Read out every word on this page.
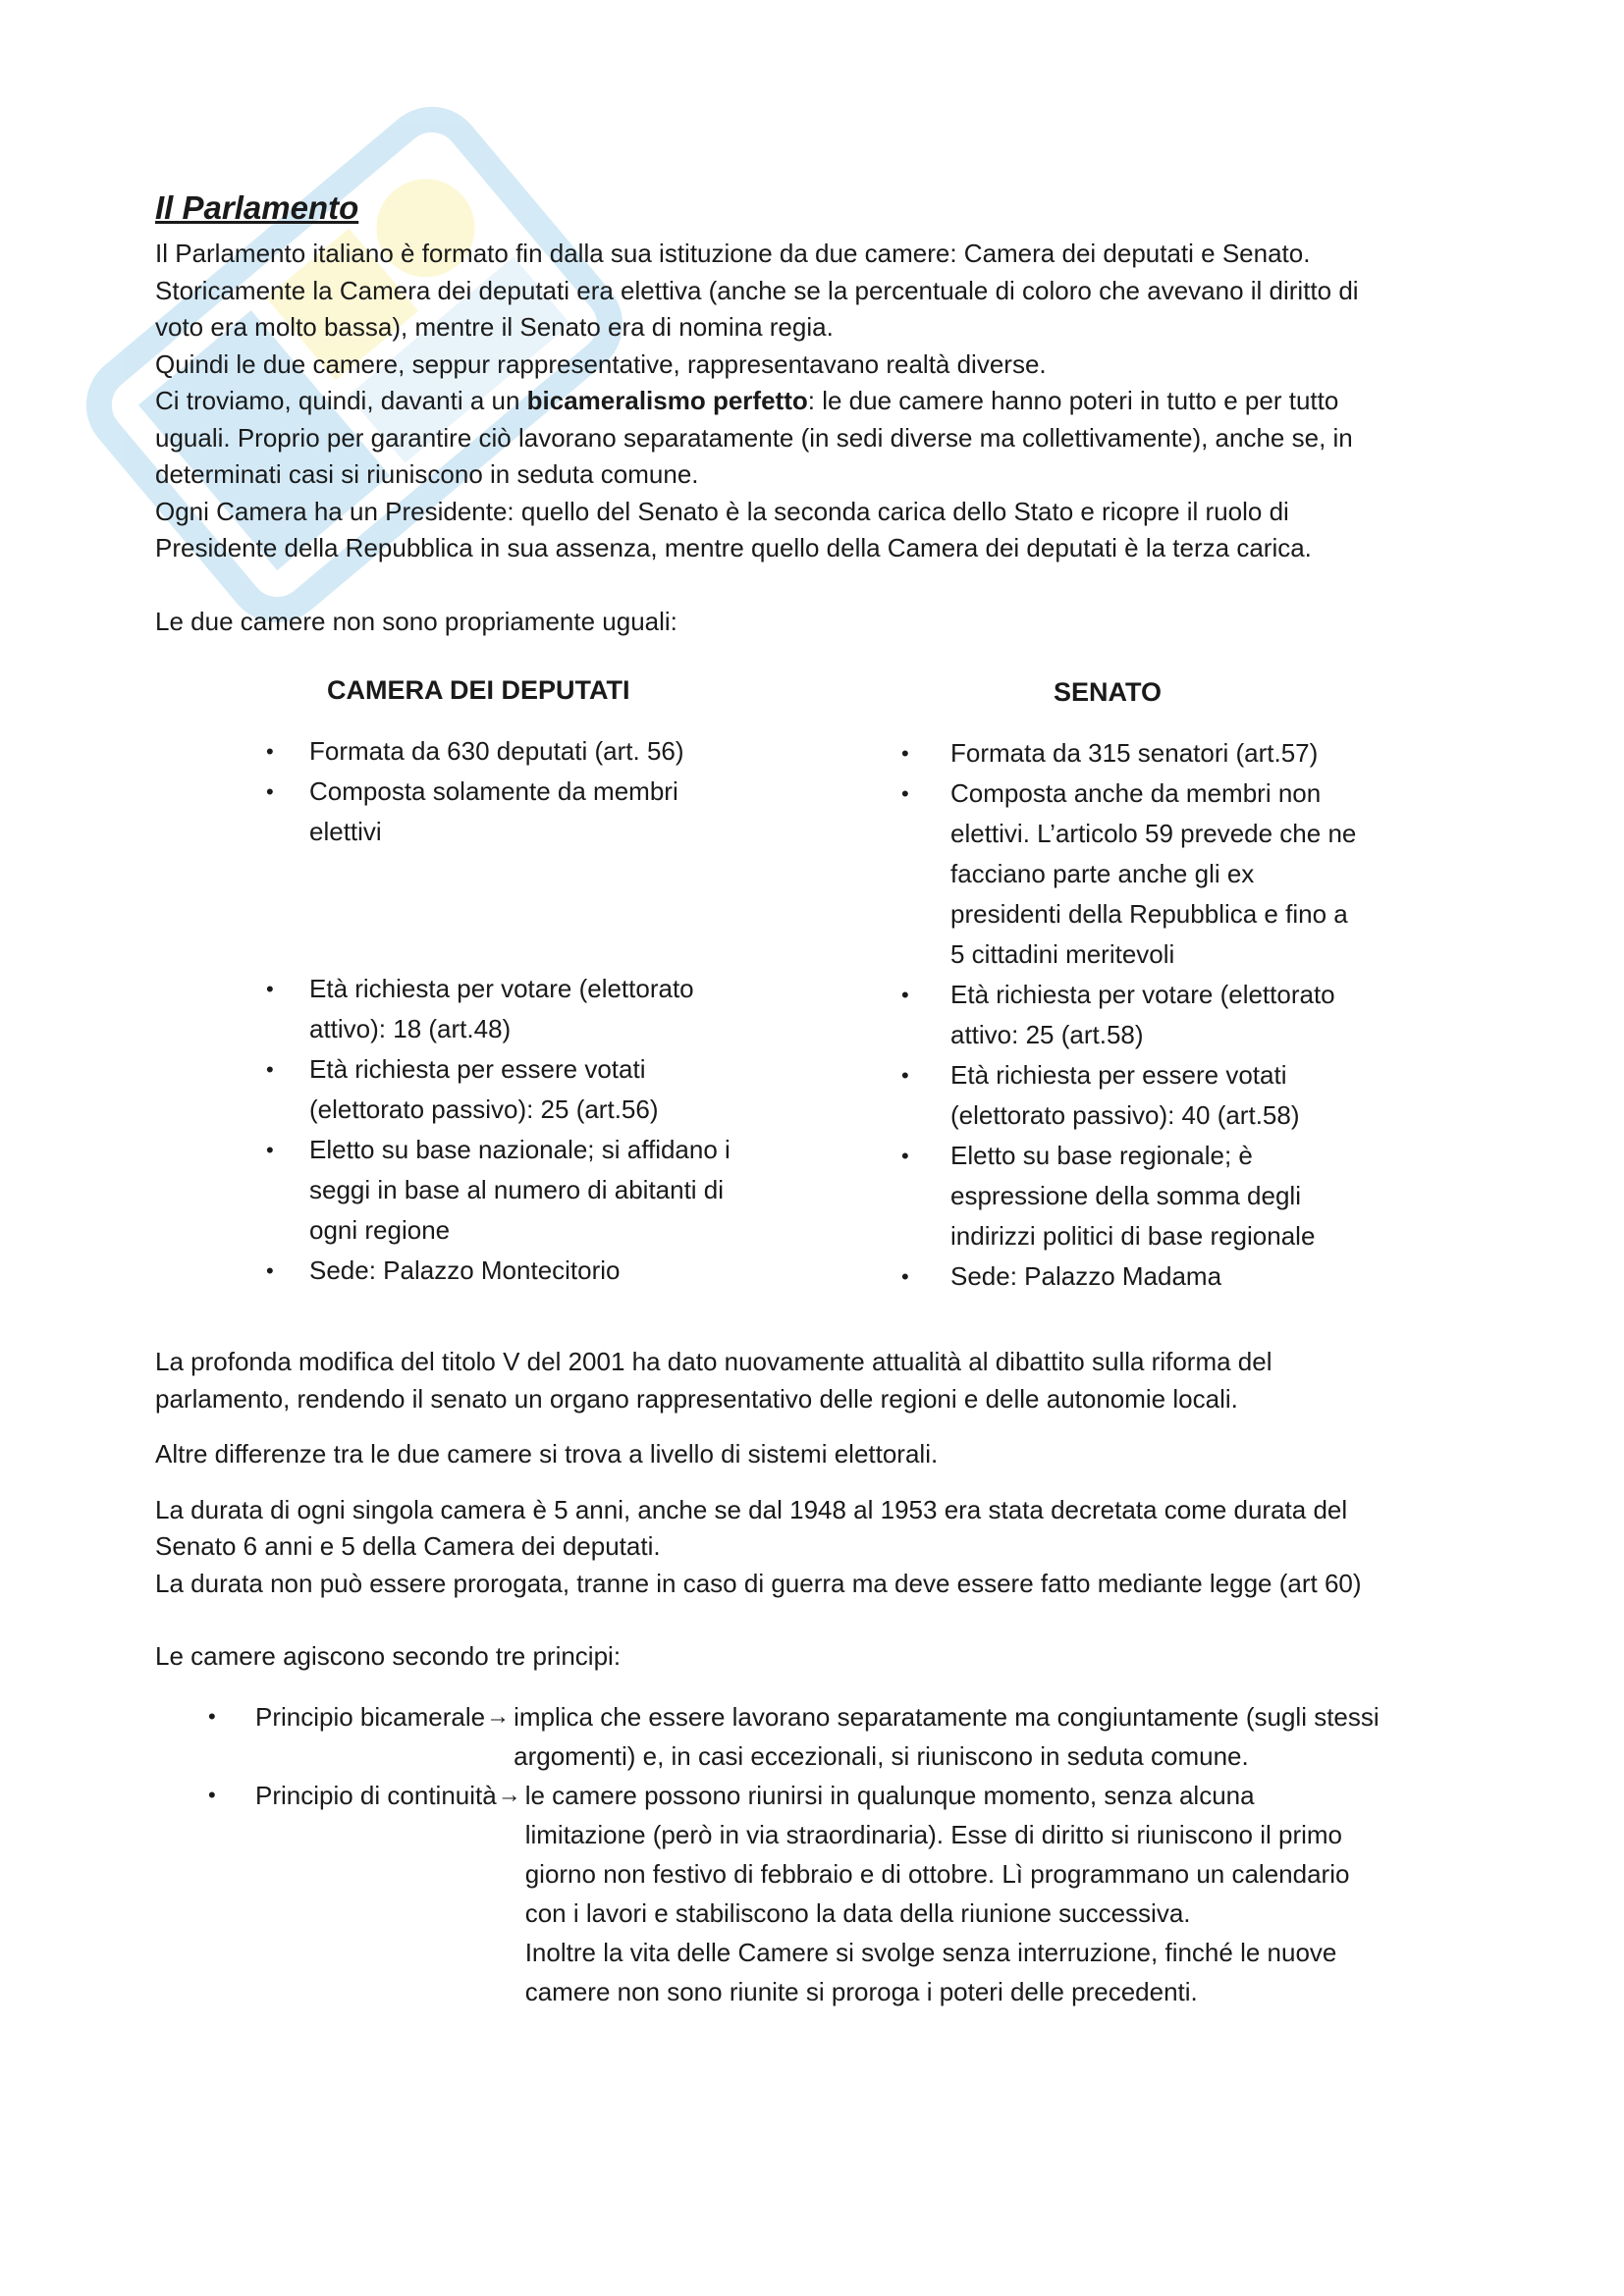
Il Parlamento

Il Parlamento italiano è formato fin dalla sua istituzione da due camere: Camera dei deputati e Senato.

Storicamente la Camera dei deputati era elettiva (anche se la percentuale di coloro che avevano il diritto di

voto era molto bassa), mentre il Senato era di nomina regia.

Quindi le due camere, seppur rappresentative, rappresentavano realtà diverse.

Ci troviamo, quindi, davanti a un bicameralismo perfetto: le due camere hanno poteri in tutto e per tutto

uguali. Proprio per garantire ciò lavorano separatamente (in sedi diverse ma collettivamente), anche se, in

determinati casi si riuniscono in seduta comune.

Ogni Camera ha un Presidente: quello del Senato è la seconda carica dello Stato e ricopre il ruolo di

Presidente della Repubblica in sua assenza, mentre quello della Camera dei deputati è la terza carica.

Le due camere non sono propriamente uguali:

CAMERA DEI DEPUTATI
• Formata da 630 deputati (art. 56)
• Composta solamente da membri
elettivi
• Età richiesta per votare (elettorato
attivo): 18 (art.48)
• Età richiesta per essere votati
(elettorato passivo): 25 (art.56)
• Eletto su base nazionale; si affidano i
seggi in base al numero di abitanti di
ogni regione
• Sede: Palazzo Montecitorio
SENATO
• Formata da 315 senatori (art.57)
• Composta anche da membri non
elettivi. L’articolo 59 prevede che ne
facciano parte anche gli ex
presidenti della Repubblica e fino a
5 cittadini meritevoli
• Età richiesta per votare (elettorato
attivo: 25 (art.58)
• Età richiesta per essere votati
(elettorato passivo): 40 (art.58)
• Eletto su base regionale; è
espressione della somma degli
indirizzi politici di base regionale
• Sede: Palazzo Madama

La profonda modifica del titolo V del 2001 ha dato nuovamente attualità al dibattito sulla riforma del

parlamento, rendendo il senato un organo rappresentativo delle regioni e delle autonomie locali.

Altre differenze tra le due camere si trova a livello di sistemi elettorali.

La durata di ogni singola camera è 5 anni, anche se dal 1948 al 1953 era stata decretata come durata del

Senato 6 anni e 5 della Camera dei deputati.

La durata non può essere prorogata, tranne in caso di guerra ma deve essere fatto mediante legge (art 60)

Le camere agiscono secondo tre principi:

• Principio bicamerale → implica che essere lavorano separatamente ma congiuntamente (sugli stessi
argomenti) e, in casi eccezionali, si riuniscono in seduta comune.
• Principio di continuità → le camere possono riunirsi in qualunque momento, senza alcuna
limitazione (però in via straordinaria). Esse di diritto si riuniscono il primo
giorno non festivo di febbraio e di ottobre. Lì programmano un calendario
con i lavori e stabiliscono la data della riunione successiva.
Inoltre la vita delle Camere si svolge senza interruzione, finché le nuove
camere non sono riunite si proroga i poteri delle precedenti.
